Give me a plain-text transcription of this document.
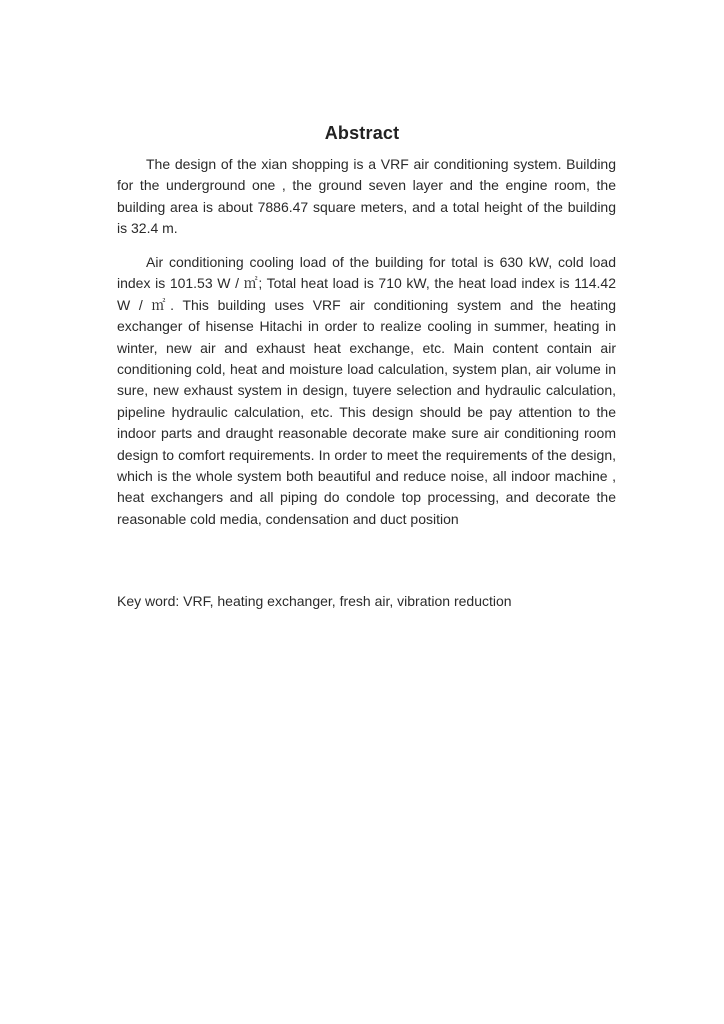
Abstract

The design of the xian shopping is a VRF air conditioning system. Building for the underground one , the ground seven layer and the engine room, the building area is about 7886.47 square meters, and a total height of the building is 32.4 m.

Air conditioning cooling load of the building for total is 630 kW, cold load index is 101.53 W / ㎡; Total heat load is 710 kW, the heat load index is 114.42 W / ㎡. This building uses VRF air conditioning system and the heating exchanger of hisense Hitachi in order to realize cooling in summer, heating in winter, new air and exhaust heat exchange, etc. Main content contain air conditioning cold, heat and moisture load calculation, system plan, air volume in sure, new exhaust system in design, tuyere selection and hydraulic calculation, pipeline hydraulic calculation, etc. This design should be pay attention to the indoor parts and draught reasonable decorate make sure air conditioning room design to comfort requirements. In order to meet the requirements of the design, which is the whole system both beautiful and reduce noise, all indoor machine , heat exchangers and all piping do condole top processing, and decorate the reasonable cold media, condensation and duct position

Key word: VRF, heating exchanger, fresh air, vibration reduction
